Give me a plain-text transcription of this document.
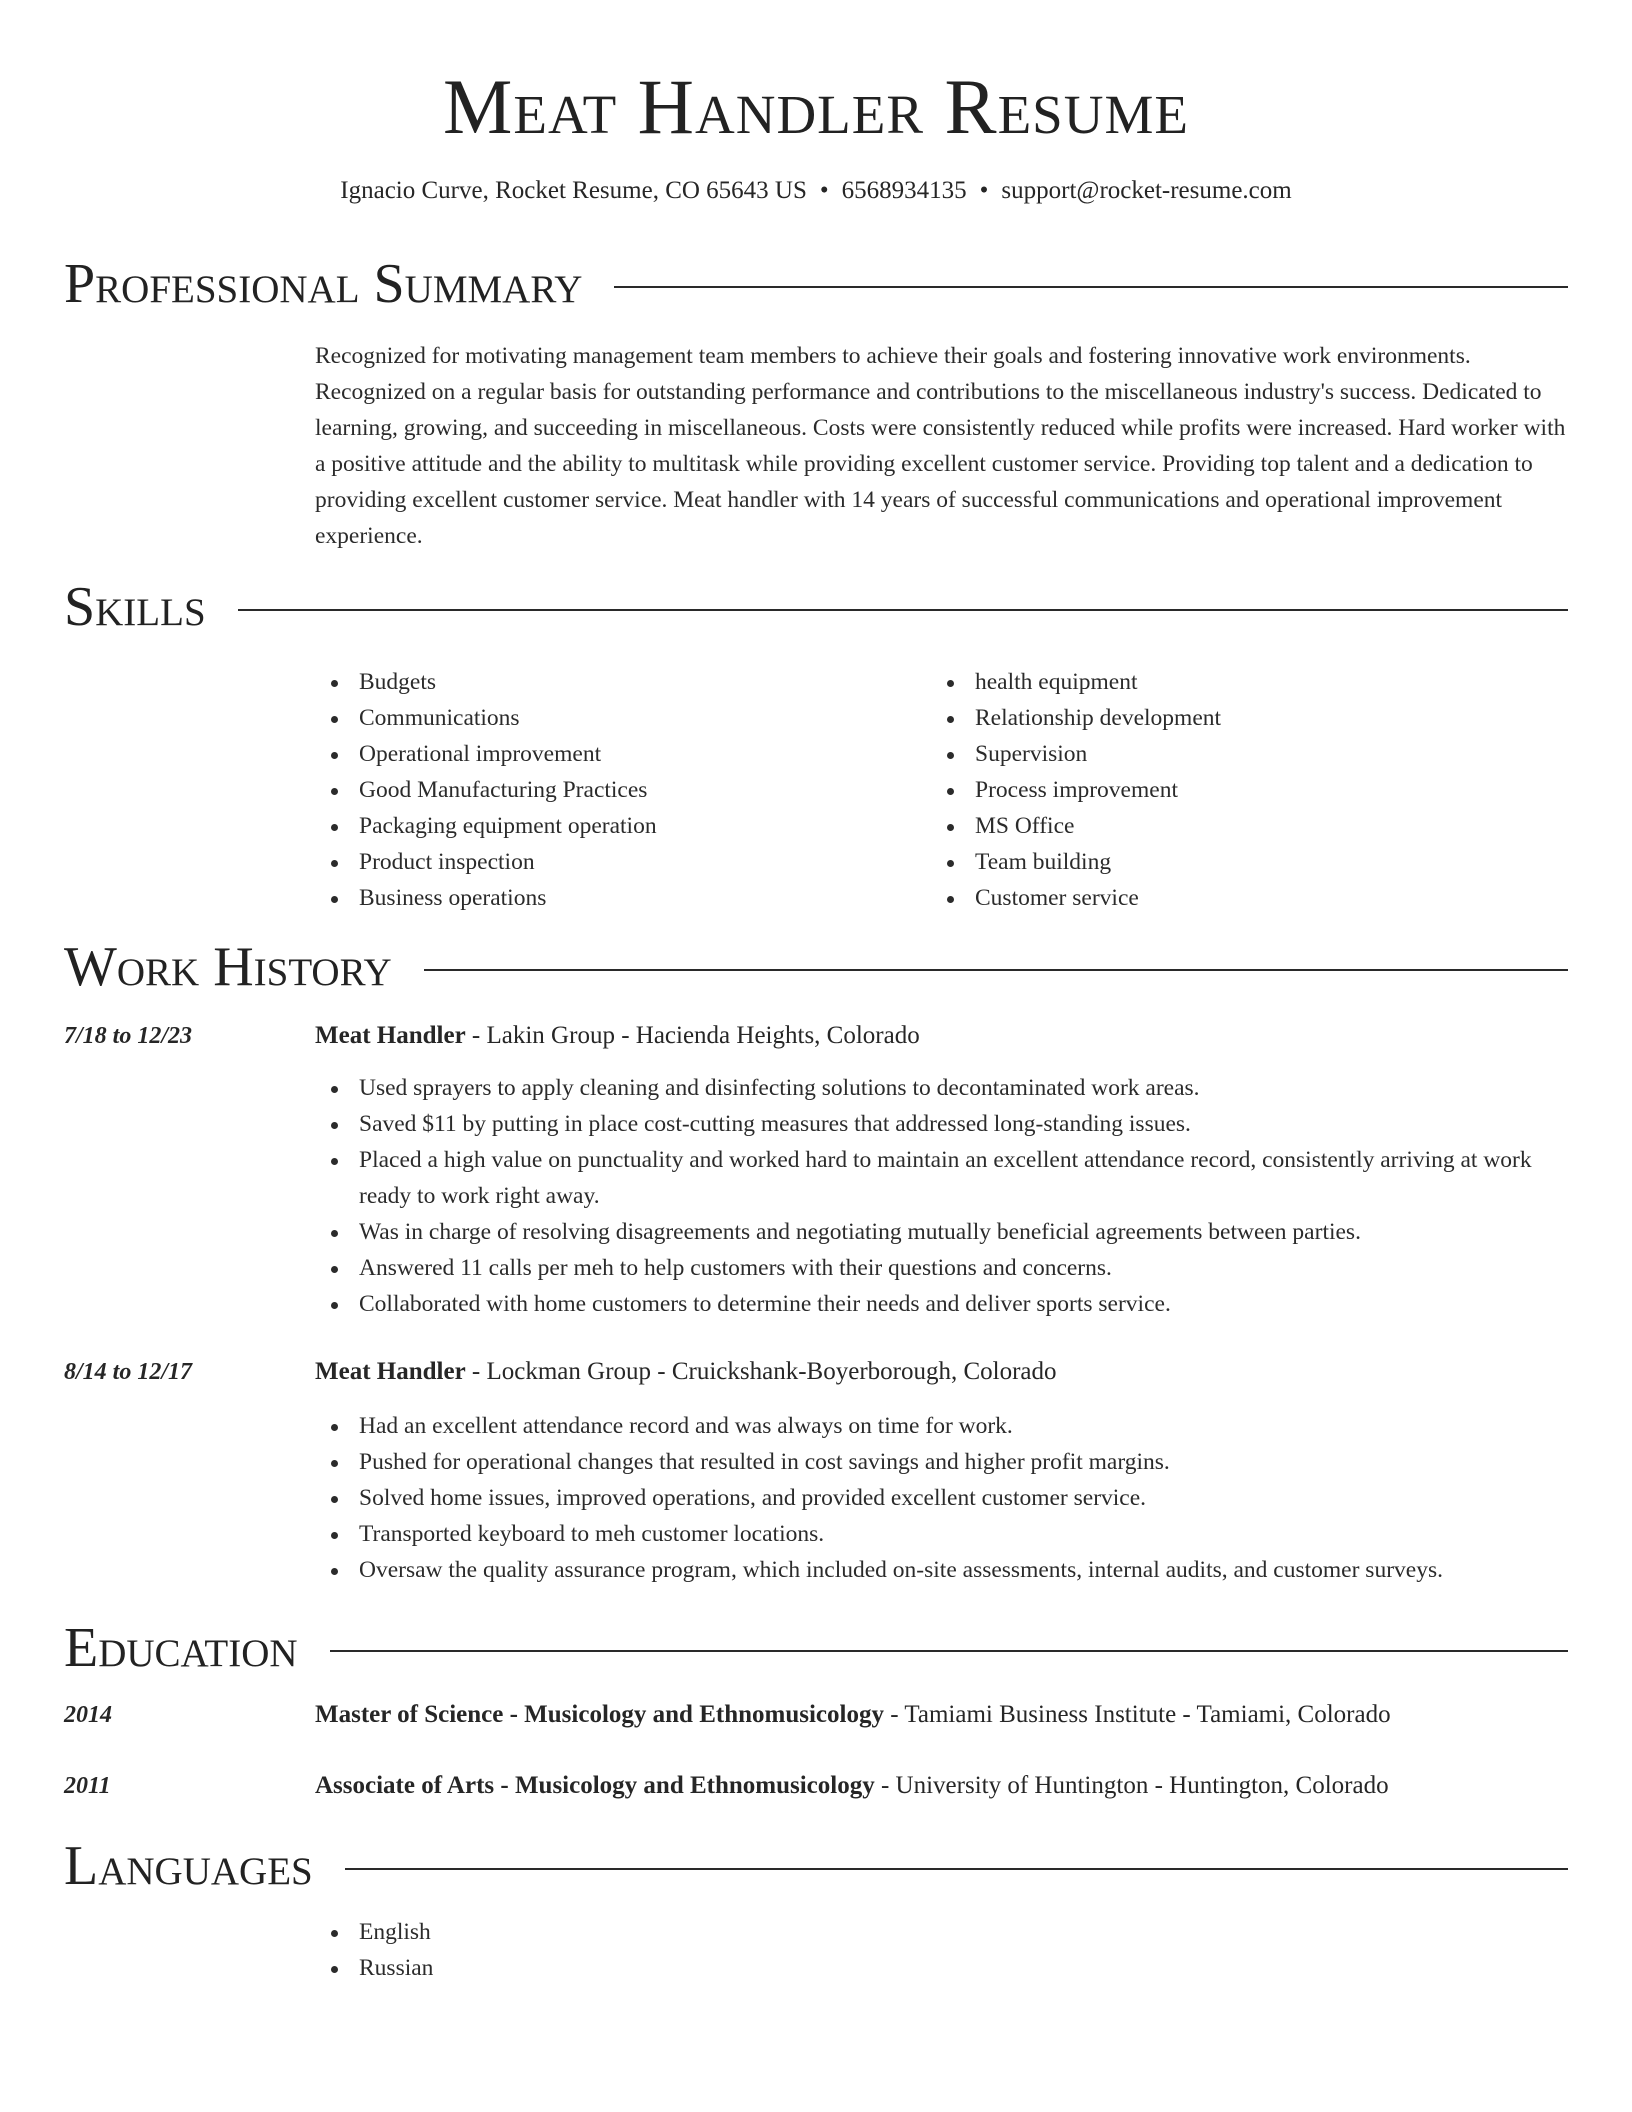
Meat Handler Resume
Ignacio Curve, Rocket Resume, CO 65643 US • 6568934135 • support@rocket-resume.com
Professional Summary

Recognized for motivating management team members to achieve their goals and fostering innovative work environments. Recognized on a regular basis for outstanding performance and contributions to the miscellaneous industry's success. Dedicated to learning, growing, and succeeding in miscellaneous. Costs were consistently reduced while profits were increased. Hard worker with a positive attitude and the ability to multitask while providing excellent customer service. Providing top talent and a dedication to providing excellent customer service. Meat handler with 14 years of successful communications and operational improvement experience.

Skills
Budgets
Communications
Operational improvement
Good Manufacturing Practices
Packaging equipment operation
Product inspection
Business operations
health equipment
Relationship development
Supervision
Process improvement
MS Office
Team building
Customer service
Work History
7/18 to 12/23	Meat Handler - Lakin Group - Hacienda Heights, Colorado
Used sprayers to apply cleaning and disinfecting solutions to decontaminated work areas.
Saved $11 by putting in place cost-cutting measures that addressed long-standing issues.
Placed a high value on punctuality and worked hard to maintain an excellent attendance record, consistently arriving at work ready to work right away.
Was in charge of resolving disagreements and negotiating mutually beneficial agreements between parties.
Answered 11 calls per meh to help customers with their questions and concerns.
Collaborated with home customers to determine their needs and deliver sports service.
8/14 to 12/17	Meat Handler - Lockman Group - Cruickshank-Boyerborough, Colorado
Had an excellent attendance record and was always on time for work.
Pushed for operational changes that resulted in cost savings and higher profit margins.
Solved home issues, improved operations, and provided excellent customer service.
Transported keyboard to meh customer locations.
Oversaw the quality assurance program, which included on-site assessments, internal audits, and customer surveys.
Education
2014	Master of Science - Musicology and Ethnomusicology - Tamiami Business Institute - Tamiami, Colorado
2011	Associate of Arts - Musicology and Ethnomusicology - University of Huntington - Huntington, Colorado
Languages
English
Russian
